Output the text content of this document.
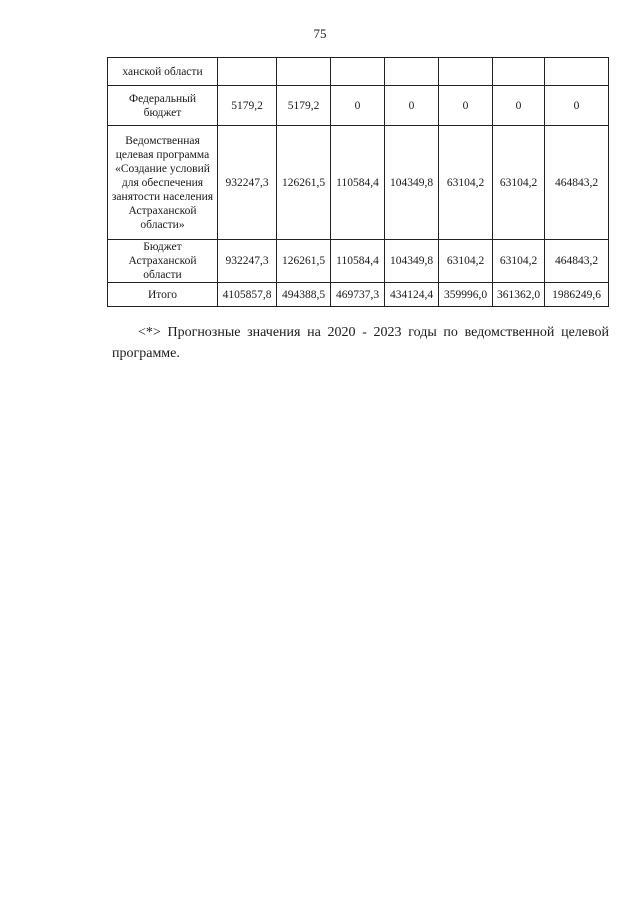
75
ханской области							
Федеральный бюджет	5179,2	5179,2	0	0	0	0	0
Ведомственная целевая программа «Создание условий для обеспечения занятости населения Астраханской области»	932247,3	126261,5	110584,4	104349,8	63104,2	63104,2	464843,2
Бюджет Астраханской области	932247,3	126261,5	110584,4	104349,8	63104,2	63104,2	464843,2
Итого	4105857,8	494388,5	469737,3	434124,4	359996,0	361362,0	1986249,6
<*> Прогнозные значения на 2020 - 2023 годы по ведомственной целевой программе.
